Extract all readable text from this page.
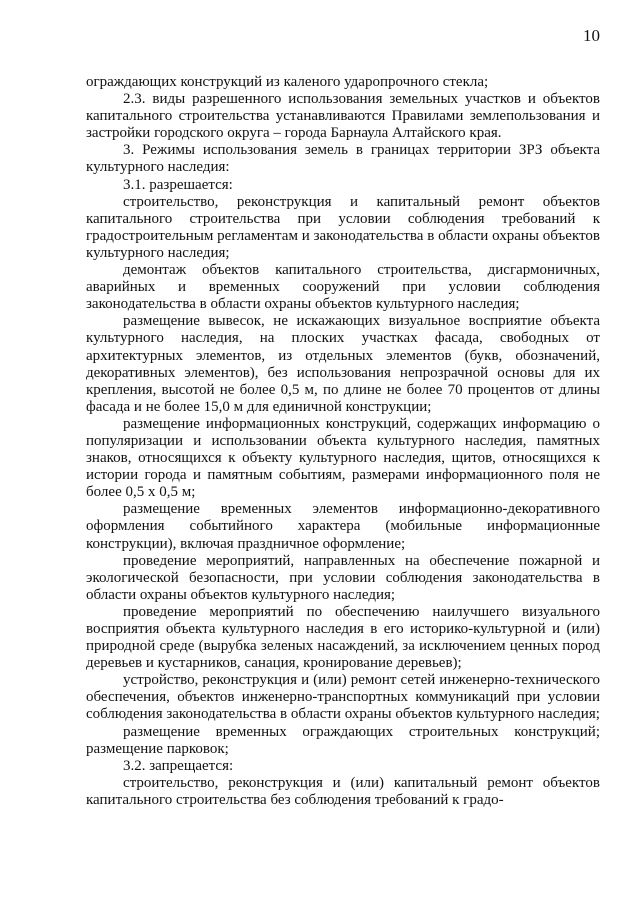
10

ограждающих конструкций из каленого ударопрочного стекла;

2.3. виды разрешенного использования земельных участков и объектов капитального строительства устанавливаются Правилами землепользования и застройки городского округа – города Барнаула Алтайского края.

3. Режимы использования земель в границах территории ЗРЗ объекта культурного наследия:

3.1. разрешается:

строительство, реконструкция и капитальный ремонт объектов капитального строительства при условии соблюдения требований к градостроительным регламентам и законодательства в области охраны объектов культурного наследия;

демонтаж объектов капитального строительства, дисгармоничных, аварийных и временных сооружений при условии соблюдения законодательства в области охраны объектов культурного наследия;

размещение вывесок, не искажающих визуальное восприятие объекта культурного наследия, на плоских участках фасада, свободных от архитектурных элементов, из отдельных элементов (букв, обозначений, декоративных элементов), без использования непрозрачной основы для их крепления, высотой не более 0,5 м, по длине не более 70 процентов от длины фасада и не более 15,0 м для единичной конструкции;

размещение информационных конструкций, содержащих информацию о популяризации и использовании объекта культурного наследия, памятных знаков, относящихся к объекту культурного наследия, щитов, относящихся к истории города и памятным событиям, размерами информационного поля не более 0,5 х 0,5 м;

размещение временных элементов информационно-декоративного оформления событийного характера (мобильные информационные конструкции), включая праздничное оформление;

проведение мероприятий, направленных на обеспечение пожарной и экологической безопасности, при условии соблюдения законодательства в области охраны объектов культурного наследия;

проведение мероприятий по обеспечению наилучшего визуального восприятия объекта культурного наследия в его историко-культурной и (или) природной среде (вырубка зеленых насаждений, за исключением ценных пород деревьев и кустарников, санация, кронирование деревьев);

устройство, реконструкция и (или) ремонт сетей инженерно-технического обеспечения, объектов инженерно-транспортных коммуникаций при условии соблюдения законодательства в области охраны объектов культурного наследия;

размещение временных ограждающих строительных конструкций; размещение парковок;

3.2. запрещается:

строительство, реконструкция и (или) капитальный ремонт объектов капитального строительства без соблюдения требований к градо-
